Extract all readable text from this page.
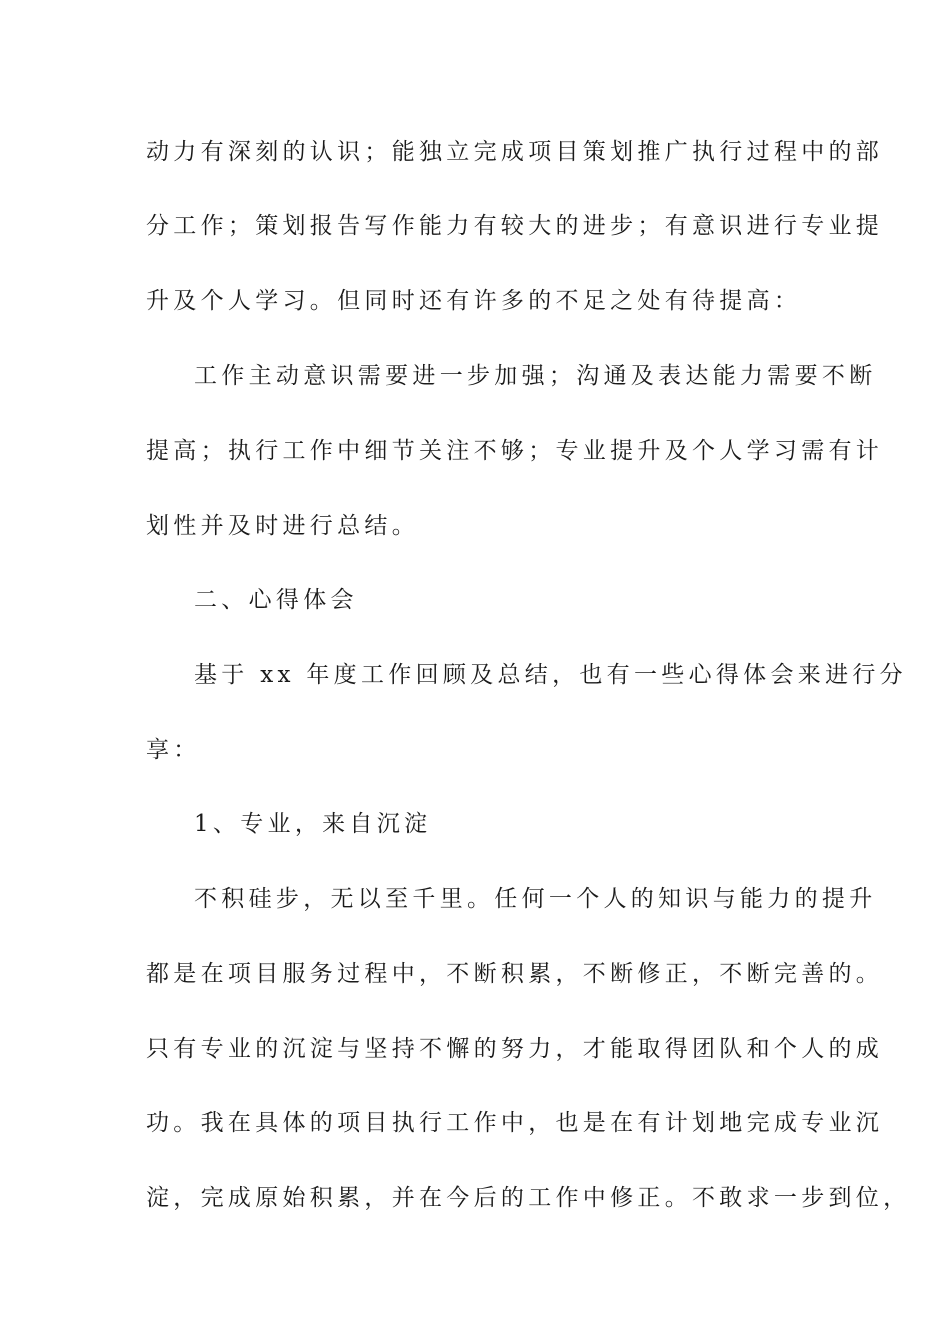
动力有深刻的认识；能独立完成项目策划推广执行过程中的部
分工作；策划报告写作能力有较大的进步；有意识进行专业提
升及个人学习。但同时还有许多的不足之处有待提高：
工作主动意识需要进一步加强；沟通及表达能力需要不断
提高；执行工作中细节关注不够；专业提升及个人学习需有计
划性并及时进行总结。
二、心得体会
基于 xx 年度工作回顾及总结，也有一些心得体会来进行分
享：
1、专业，来自沉淀
不积硅步，无以至千里。任何一个人的知识与能力的提升
都是在项目服务过程中，不断积累，不断修正，不断完善的。
只有专业的沉淀与坚持不懈的努力，才能取得团队和个人的成
功。我在具体的项目执行工作中，也是在有计划地完成专业沉
淀，完成原始积累，并在今后的工作中修正。不敢求一步到位，
